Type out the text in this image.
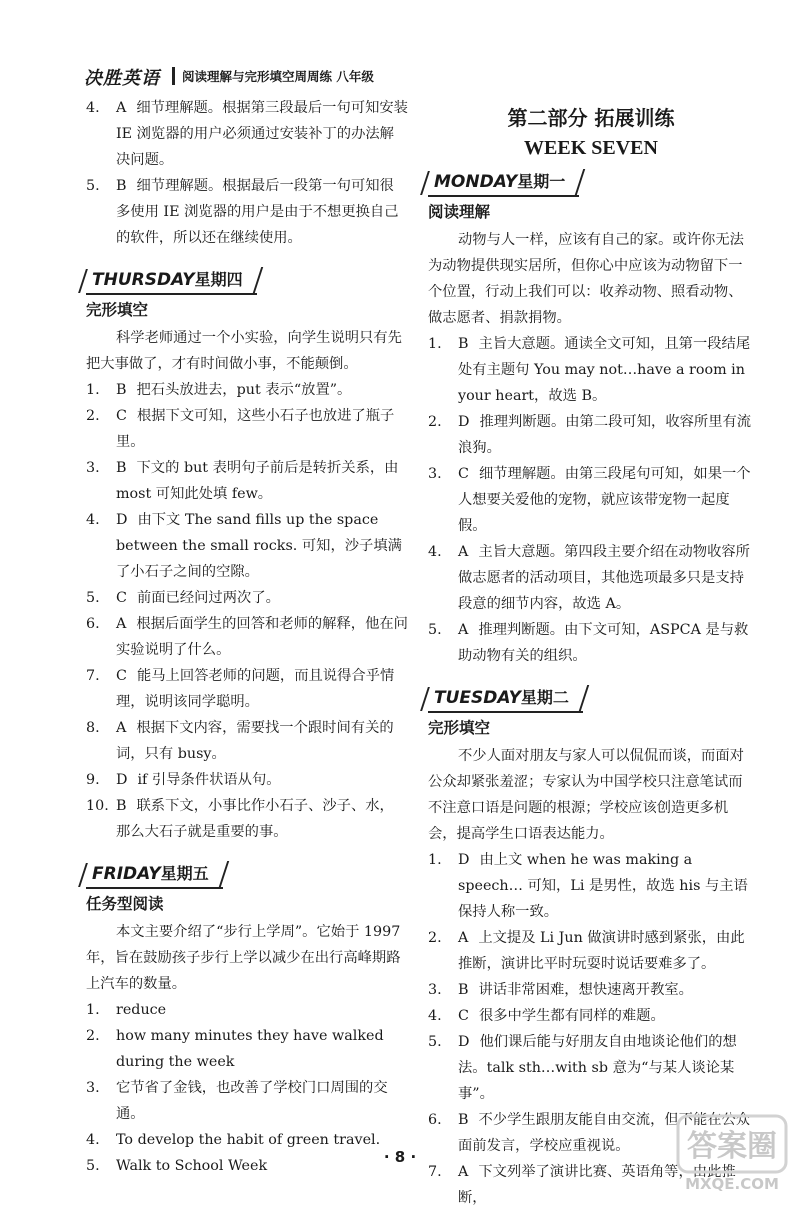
决胜英语 阅读理解与完形填空周周练 八年级
4. A 细节理解题。根据第三段最后一句可知安装 IE 浏览器的用户必须通过安装补丁的办法解决问题。
5. B 细节理解题。根据最后一段第一句可知很多使用 IE 浏览器的用户是由于不想更换自己的软件，所以还在继续使用。
THURSDAY星期四
完形填空
科学老师通过一个小实验，向学生说明只有先把大事做了，才有时间做小事，不能颠倒。
1. B 把石头放进去，put 表示“放置”。
2. C 根据下文可知，这些小石子也放进了瓶子里。
3. B 下文的 but 表明句子前后是转折关系，由 most 可知此处填 few。
4. D 由下文 The sand fills up the space between the small rocks. 可知，沙子填满了小石子之间的空隙。
5. C 前面已经问过两次了。
6. A 根据后面学生的回答和老师的解释，他在问实验说明了什么。
7. C 能马上回答老师的问题，而且说得合乎情理，说明该同学聪明。
8. A 根据下文内容，需要找一个跟时间有关的词，只有 busy。
9. D if 引导条件状语从句。
10. B 联系下文，小事比作小石子、沙子、水，那么大石子就是重要的事。
FRIDAY星期五
任务型阅读
本文主要介绍了“步行上学周”。它始于 1997 年，旨在鼓励孩子步行上学以减少在出行高峰期路上汽车的数量。
1. reduce
2. how many minutes they have walked during the week
3. 它节省了金钱，也改善了学校门口周围的交通。
4. To develop the habit of green travel.
5. Walk to School Week
第二部分 拓展训练
WEEK SEVEN
MONDAY星期一
阅读理解
动物与人一样，应该有自己的家。或许你无法为动物提供现实居所，但你心中应该为动物留下一个位置，行动上我们可以：收养动物、照看动物、做志愿者、捐款捐物。
1. B 主旨大意题。通读全文可知，且第一段结尾处有主题句 You may not…have a room in your heart，故选 B。
2. D 推理判断题。由第二段可知，收容所里有流浪狗。
3. C 细节理解题。由第三段尾句可知，如果一个人想要关爱他的宠物，就应该带宠物一起度假。
4. A 主旨大意题。第四段主要介绍在动物收容所做志愿者的活动项目，其他选项最多只是支持段意的细节内容，故选 A。
5. A 推理判断题。由下文可知，ASPCA 是与救助动物有关的组织。
TUESDAY星期二
完形填空
不少人面对朋友与家人可以侃侃而谈，而面对公众却紧张羞涩；专家认为中国学校只注意笔试而不注意口语是问题的根源；学校应该创造更多机会，提高学生口语表达能力。
1. D 由上文 when he was making a speech… 可知，Li 是男性，故选 his 与主语保持人称一致。
2. A 上文提及 Li Jun 做演讲时感到紧张，由此推断，演讲比平时玩耍时说话要难多了。
3. B 讲话非常困难，想快速离开教室。
4. C 很多中学生都有同样的难题。
5. D 他们课后能与好朋友自由地谈论他们的想法。talk sth…with sb 意为“与某人谈论某事”。
6. B 不少学生跟朋友能自由交流，但不能在公众面前发言，学校应重视说。
7. A 下文列举了演讲比赛、英语角等，由此推断，
· 8 ·	答案圈
MXQE.COM
